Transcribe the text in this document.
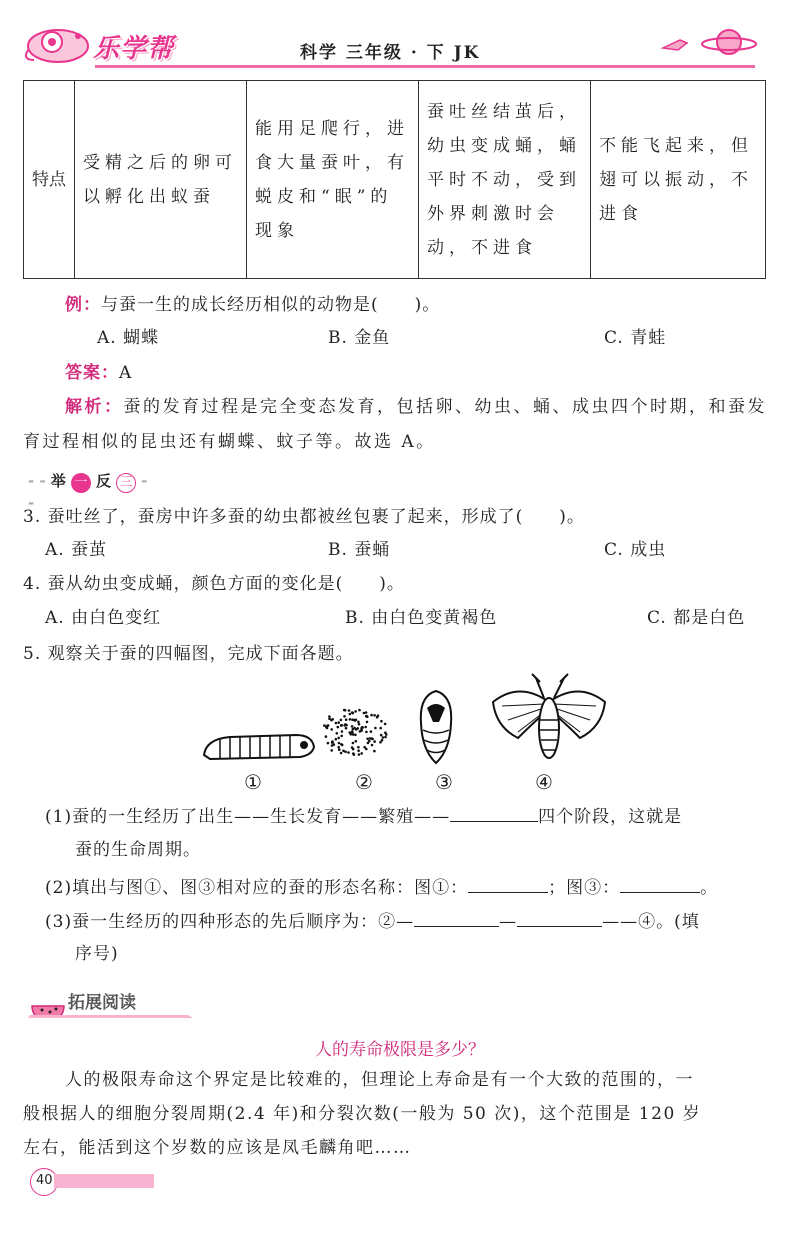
乐学帮	科学 三年级 · 下 JK
特点	受精之后的卵可以孵化出蚁蚕	能用足爬行，进食大量蚕叶，有蜕皮和“眠”的现象	蚕吐丝结茧后，幼虫变成蛹，蛹平时不动，受到外界刺激时会动，不进食	不能飞起来，但翅可以振动，不进食
例：与蚕一生的成长经历相似的动物是(　　)。
A. 蝴蝶	B. 金鱼	C. 青蛙
答案：A
解析：蚕的发育过程是完全变态发育，包括卵、幼虫、蛹、成虫四个时期，和蚕发
育过程相似的昆虫还有蝴蝶、蚊子等。故选 A。
- - 举 一 反 三 - -
3. 蚕吐丝了，蚕房中许多蚕的幼虫都被丝包裹了起来，形成了(　　)。
A. 蚕茧	B. 蚕蛹	C. 成虫
4. 蚕从幼虫变成蛹，颜色方面的变化是(　　)。
A. 由白色变红	B. 由白色变黄褐色	C. 都是白色
5. 观察关于蚕的四幅图，完成下面各题。
①	②	③	④
(1)蚕的一生经历了出生——生长发育——繁殖——	四个阶段，这就是
蚕的生命周期。
(2)填出与图①、图③相对应的蚕的形态名称：图①：	；图③：	。
(3)蚕一生经历的四种形态的先后顺序为：②—	—	——④。(填
序号)
拓展阅读
人的寿命极限是多少？
人的极限寿命这个界定是比较难的，但理论上寿命是有一个大致的范围的，一
般根据人的细胞分裂周期(2.4 年)和分裂次数(一般为 50 次)，这个范围是 120 岁
左右，能活到这个岁数的应该是凤毛麟角吧……
40
